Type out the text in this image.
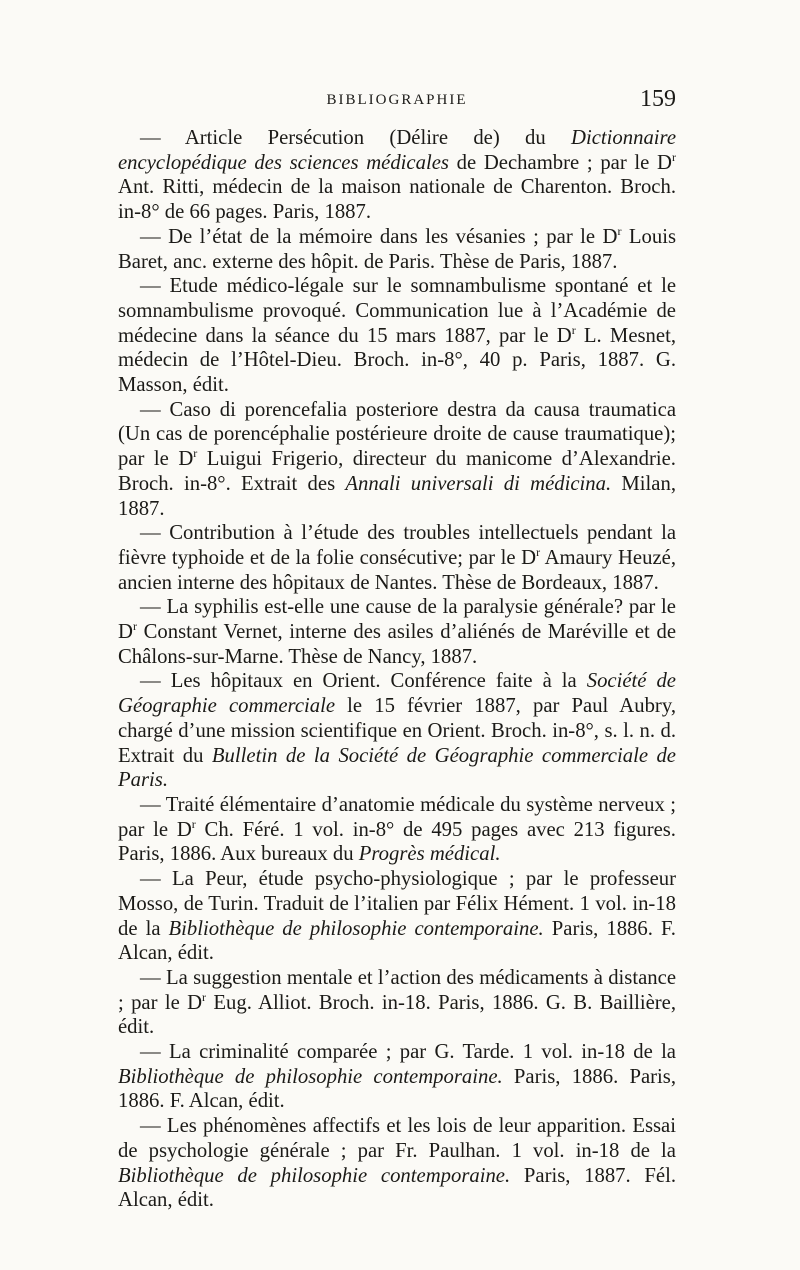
BIBLIOGRAPHIE	159

— Article Persécution (Délire de) du Dictionnaire encyclopédique des sciences médicales de Dechambre ; par le $D^r$ Ant. Ritti, médecin de la maison nationale de Charenton. Broch. in-8° de 66 pages. Paris, 1887.

— De l’état de la mémoire dans les vésanies ; par le $D^r$ Louis Baret, anc. externe des hôpit. de Paris. Thèse de Paris, 1887.

— Etude médico-légale sur le somnambulisme spontané et le somnambulisme provoqué. Communication lue à l’Académie de médecine dans la séance du 15 mars 1887, par le $D^r$ L. Mesnet, médecin de l’Hôtel-Dieu. Broch. in-8°, 40 p. Paris, 1887. G. Masson, édit.

— Caso di porencefalia posteriore destra da causa traumatica (Un cas de porencéphalie postérieure droite de cause traumatique); par le $D^r$ Luigui Frigerio, directeur du manicome d’Alexandrie. Broch. in-8°. Extrait des Annali universali di médicina. Milan, 1887.

— Contribution à l’étude des troubles intellectuels pendant la fièvre typhoide et de la folie consécutive; par le $D^r$ Amaury Heuzé, ancien interne des hôpitaux de Nantes. Thèse de Bordeaux, 1887.

— La syphilis est-elle une cause de la paralysie générale? par le $D^r$ Constant Vernet, interne des asiles d’aliénés de Maréville et de Châlons-sur-Marne. Thèse de Nancy, 1887.

— Les hôpitaux en Orient. Conférence faite à la Société de Géographie commerciale le 15 février 1887, par Paul Aubry, chargé d’une mission scientifique en Orient. Broch. in-8°, s. l. n. d. Extrait du Bulletin de la Société de Géographie commerciale de Paris.

— Traité élémentaire d’anatomie médicale du système nerveux ; par le $D^r$ Ch. Féré. 1 vol. in-8° de 495 pages avec 213 figures. Paris, 1886. Aux bureaux du Progrès médical.

— La Peur, étude psycho-physiologique ; par le professeur Mosso, de Turin. Traduit de l’italien par Félix Hément. 1 vol. in-18 de la Bibliothèque de philosophie contemporaine. Paris, 1886. F. Alcan, édit.

— La suggestion mentale et l’action des médicaments à distance ; par le $D^r$ Eug. Alliot. Broch. in-18. Paris, 1886. G. B. Baillière, édit.

— La criminalité comparée ; par G. Tarde. 1 vol. in-18 de la Bibliothèque de philosophie contemporaine. Paris, 1886. Paris, 1886. F. Alcan, édit.

— Les phénomènes affectifs et les lois de leur apparition. Essai de psychologie générale ; par Fr. Paulhan. 1 vol. in-18 de la Bibliothèque de philosophie contemporaine. Paris, 1887. Fél. Alcan, édit.
